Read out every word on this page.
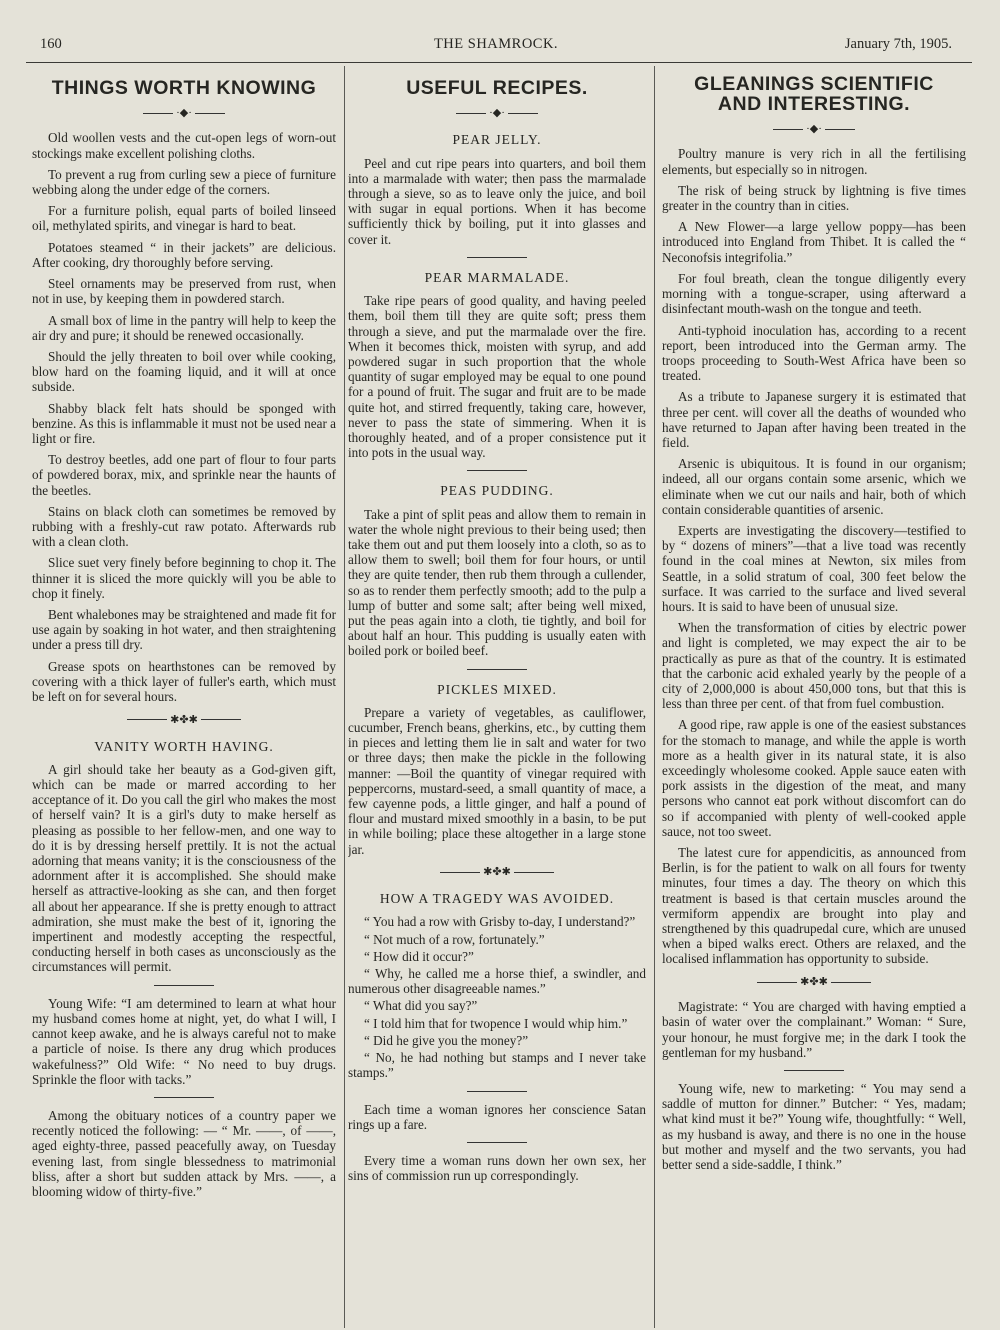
160	THE SHAMROCK.	January 7th, 1905.
THINGS WORTH KNOWING
·◆·

Old woollen vests and the cut-open legs of worn-out stockings make excellent polishing cloths.

To prevent a rug from curling sew a piece of furniture webbing along the under edge of the corners.

For a furniture polish, equal parts of boiled linseed oil, methylated spirits, and vinegar is hard to beat.

Potatoes steamed “ in their jackets” are delicious. After cooking, dry thoroughly before serving.

Steel ornaments may be preserved from rust, when not in use, by keeping them in powdered starch.

A small box of lime in the pantry will help to keep the air dry and pure; it should be renewed occasionally.

Should the jelly threaten to boil over while cooking, blow hard on the foaming liquid, and it will at once subside.

Shabby black felt hats should be sponged with benzine. As this is inflammable it must not be used near a light or fire.

To destroy beetles, add one part of flour to four parts of powdered borax, mix, and sprinkle near the haunts of the beetles.

Stains on black cloth can sometimes be removed by rubbing with a freshly-cut raw potato. Afterwards rub with a clean cloth.

Slice suet very finely before beginning to chop it. The thinner it is sliced the more quickly will you be able to chop it finely.

Bent whalebones may be straightened and made fit for use again by soaking in hot water, and then straightening under a press till dry.

Grease spots on hearthstones can be removed by covering with a thick layer of fuller's earth, which must be left on for several hours.

✱✤✱
VANITY WORTH HAVING.

A girl should take her beauty as a God-given gift, which can be made or marred according to her acceptance of it. Do you call the girl who makes the most of herself vain? It is a girl's duty to make herself as pleasing as possible to her fellow-men, and one way to do it is by dressing herself prettily. It is not the actual adorning that means vanity; it is the consciousness of the adornment after it is accomplished. She should make herself as attractive-looking as she can, and then forget all about her appearance. If she is pretty enough to attract admiration, she must make the best of it, ignoring the impertinent and modestly accepting the respectful, conducting herself in both cases as unconsciously as the circumstances will permit.

Young Wife: “I am determined to learn at what hour my husband comes home at night, yet, do what I will, I cannot keep awake, and he is always careful not to make a particle of noise. Is there any drug which produces wakefulness?” Old Wife: “ No need to buy drugs. Sprinkle the floor with tacks.”

Among the obituary notices of a country paper we recently noticed the following: — “ Mr. ——, of ——, aged eighty-three, passed peacefully away, on Tuesday evening last, from single blessedness to matrimonial bliss, after a short but sudden attack by Mrs. ——, a blooming widow of thirty-five.”

USEFUL RECIPES.
·◆·
PEAR JELLY.

Peel and cut ripe pears into quarters, and boil them into a marmalade with water; then pass the marmalade through a sieve, so as to leave only the juice, and boil with sugar in equal portions. When it has become sufficiently thick by boiling, put it into glasses and cover it.

PEAR MARMALADE.

Take ripe pears of good quality, and having peeled them, boil them till they are quite soft; press them through a sieve, and put the marmalade over the fire. When it becomes thick, moisten with syrup, and add powdered sugar in such proportion that the whole quantity of sugar employed may be equal to one pound for a pound of fruit. The sugar and fruit are to be made quite hot, and stirred frequently, taking care, however, never to pass the state of simmering. When it is thoroughly heated, and of a proper consistence put it into pots in the usual way.

PEAS PUDDING.

Take a pint of split peas and allow them to remain in water the whole night previous to their being used; then take them out and put them loosely into a cloth, so as to allow them to swell; boil them for four hours, or until they are quite tender, then rub them through a cullender, so as to render them perfectly smooth; add to the pulp a lump of butter and some salt; after being well mixed, put the peas again into a cloth, tie tightly, and boil for about half an hour. This pudding is usually eaten with boiled pork or boiled beef.

PICKLES MIXED.

Prepare a variety of vegetables, as cauliflower, cucumber, French beans, gherkins, etc., by cutting them in pieces and letting them lie in salt and water for two or three days; then make the pickle in the following manner: —Boil the quantity of vinegar required with peppercorns, mustard-seed, a small quantity of mace, a few cayenne pods, a little ginger, and half a pound of flour and mustard mixed smoothly in a basin, to be put in while boiling; place these altogether in a large stone jar.

✱✤✱
HOW A TRAGEDY WAS AVOIDED.

“ You had a row with Grisby to-day, I understand?”

“ Not much of a row, fortunately.”

“ How did it occur?”

“ Why, he called me a horse thief, a swindler, and numerous other disagreeable names.”

“ What did you say?”

“ I told him that for twopence I would whip him.”

“ Did he give you the money?”

“ No, he had nothing but stamps and I never take stamps.”

Each time a woman ignores her conscience Satan rings up a fare.

Every time a woman runs down her own sex, her sins of commission run up correspondingly.

GLEANINGS SCIENTIFIC
AND INTERESTING.
·◆·

Poultry manure is very rich in all the fertilising elements, but especially so in nitrogen.

The risk of being struck by lightning is five times greater in the country than in cities.

A New Flower—a large yellow poppy—has been introduced into England from Thibet. It is called the “ Neconofsis integrifolia.”

For foul breath, clean the tongue diligently every morning with a tongue-scraper, using afterward a disinfectant mouth-wash on the tongue and teeth.

Anti-typhoid inoculation has, according to a recent report, been introduced into the German army. The troops proceeding to South-West Africa have been so treated.

As a tribute to Japanese surgery it is estimated that three per cent. will cover all the deaths of wounded who have returned to Japan after having been treated in the field.

Arsenic is ubiquitous. It is found in our organism; indeed, all our organs contain some arsenic, which we eliminate when we cut our nails and hair, both of which contain considerable quantities of arsenic.

Experts are investigating the discovery—testified to by “ dozens of miners”—that a live toad was recently found in the coal mines at Newton, six miles from Seattle, in a solid stratum of coal, 300 feet below the surface. It was carried to the surface and lived several hours. It is said to have been of unusual size.

When the transformation of cities by electric power and light is completed, we may expect the air to be practically as pure as that of the country. It is estimated that the carbonic acid exhaled yearly by the people of a city of 2,000,000 is about 450,000 tons, but that this is less than three per cent. of that from fuel combustion.

A good ripe, raw apple is one of the easiest substances for the stomach to manage, and while the apple is worth more as a health giver in its natural state, it is also exceedingly wholesome cooked. Apple sauce eaten with pork assists in the digestion of the meat, and many persons who cannot eat pork without discomfort can do so if accompanied with plenty of well-cooked apple sauce, not too sweet.

The latest cure for appendicitis, as announced from Berlin, is for the patient to walk on all fours for twenty minutes, four times a day. The theory on which this treatment is based is that certain muscles around the vermiform appendix are brought into play and strengthened by this quadrupedal cure, which are unused when a biped walks erect. Others are relaxed, and the localised inflammation has opportunity to subside.

✱✤✱

Magistrate: “ You are charged with having emptied a basin of water over the complainant.” Woman: “ Sure, your honour, he must forgive me; in the dark I took the gentleman for my husband.”

Young wife, new to marketing: “ You may send a saddle of mutton for dinner.” Butcher: “ Yes, madam; what kind must it be?” Young wife, thoughtfully: “ Well, as my husband is away, and there is no one in the house but mother and myself and the two servants, you had better send a side-saddle, I think.”
